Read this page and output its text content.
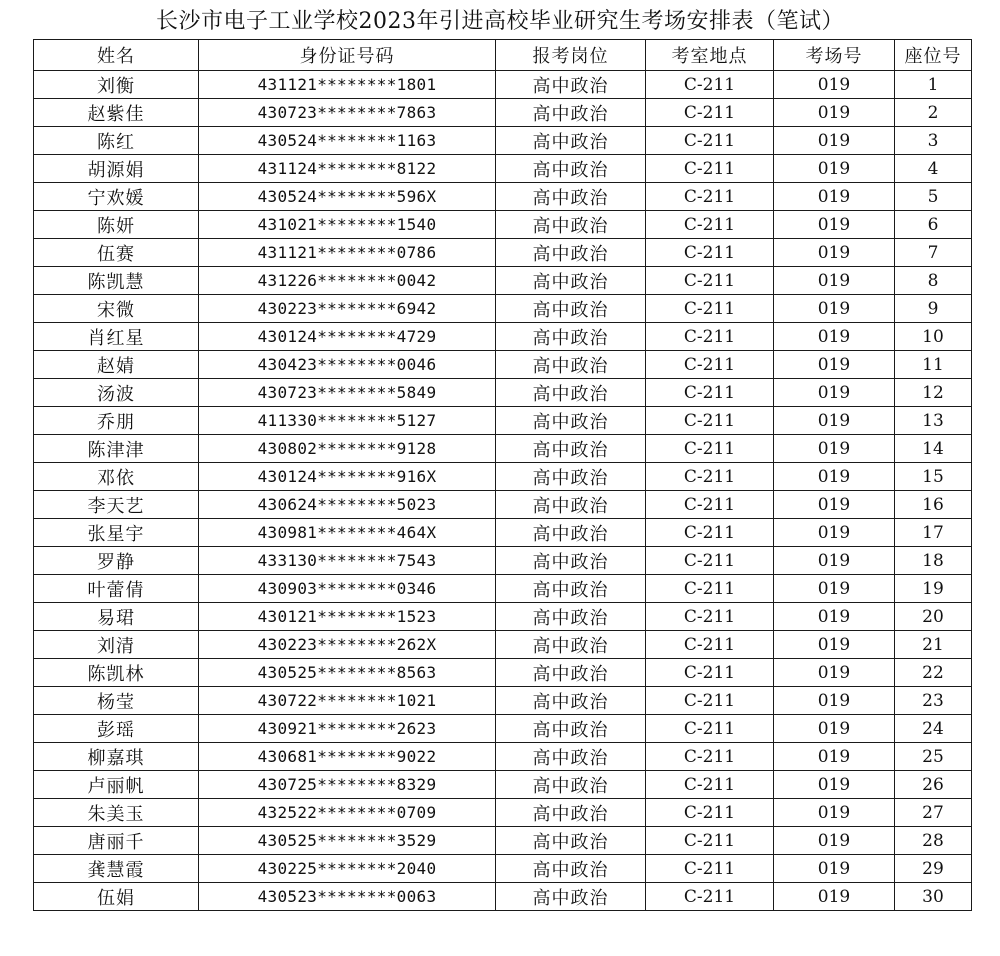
长沙市电子工业学校2023年引进高校毕业研究生考场安排表（笔试）
姓名	身份证号码	报考岗位	考室地点	考场号	座位号
刘衡	431121********1801	高中政治	C-211	019	1
赵紫佳	430723********7863	高中政治	C-211	019	2
陈红	430524********1163	高中政治	C-211	019	3
胡源娟	431124********8122	高中政治	C-211	019	4
宁欢媛	430524********596X	高中政治	C-211	019	5
陈妍	431021********1540	高中政治	C-211	019	6
伍赛	431121********0786	高中政治	C-211	019	7
陈凯慧	431226********0042	高中政治	C-211	019	8
宋微	430223********6942	高中政治	C-211	019	9
肖红星	430124********4729	高中政治	C-211	019	10
赵婧	430423********0046	高中政治	C-211	019	11
汤波	430723********5849	高中政治	C-211	019	12
乔朋	411330********5127	高中政治	C-211	019	13
陈津津	430802********9128	高中政治	C-211	019	14
邓依	430124********916X	高中政治	C-211	019	15
李天艺	430624********5023	高中政治	C-211	019	16
张星宇	430981********464X	高中政治	C-211	019	17
罗静	433130********7543	高中政治	C-211	019	18
叶蕾倩	430903********0346	高中政治	C-211	019	19
易珺	430121********1523	高中政治	C-211	019	20
刘清	430223********262X	高中政治	C-211	019	21
陈凯林	430525********8563	高中政治	C-211	019	22
杨莹	430722********1021	高中政治	C-211	019	23
彭瑶	430921********2623	高中政治	C-211	019	24
柳嘉琪	430681********9022	高中政治	C-211	019	25
卢丽帆	430725********8329	高中政治	C-211	019	26
朱美玉	432522********0709	高中政治	C-211	019	27
唐丽千	430525********3529	高中政治	C-211	019	28
龚慧霞	430225********2040	高中政治	C-211	019	29
伍娟	430523********0063	高中政治	C-211	019	30
